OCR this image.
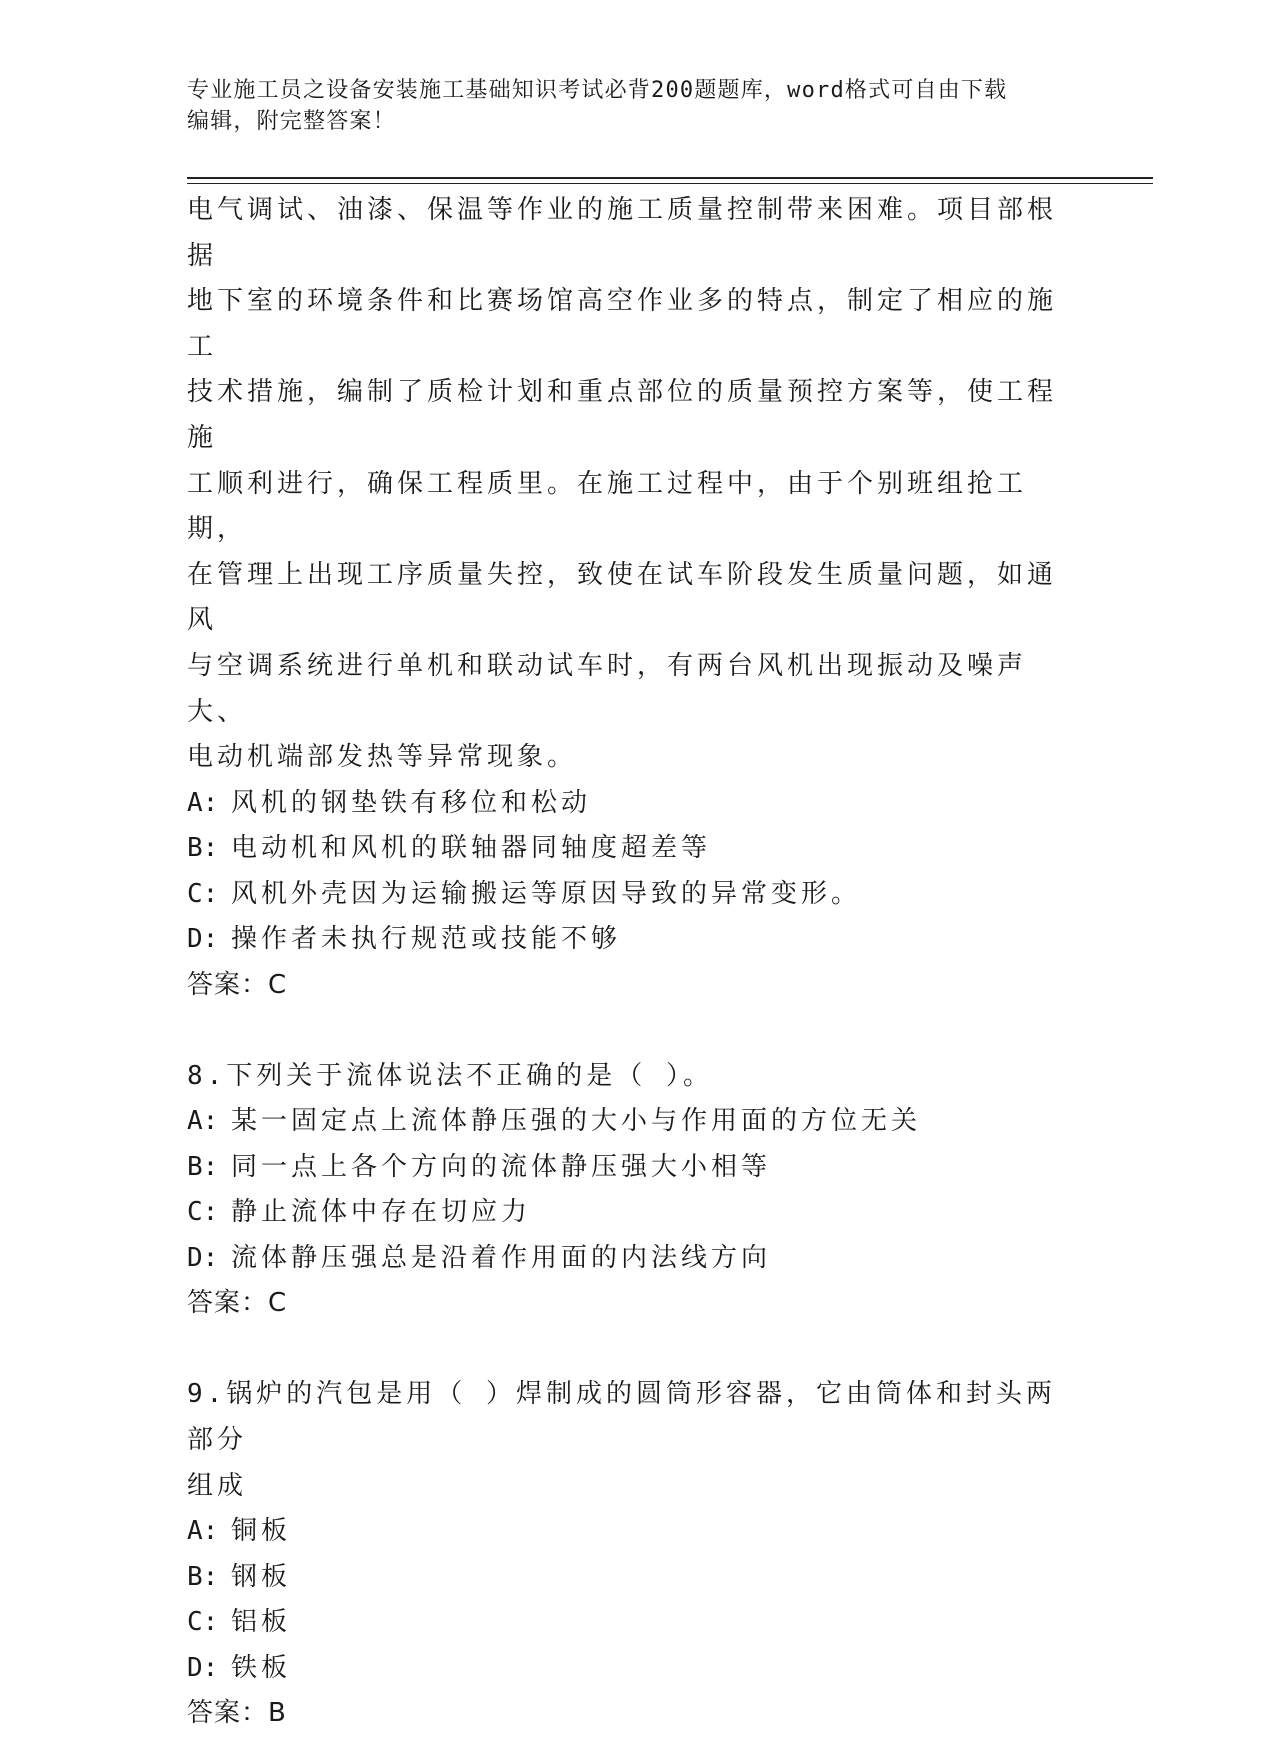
专业施工员之设备安装施工基础知识考试必背200题题库，word格式可自由下载
编辑，附完整答案！

电气调试、油漆、保温等作业的施工质量控制带来困难。项目部根据

地下室的环境条件和比赛场馆高空作业多的特点，制定了相应的施工

技术措施，编制了质检计划和重点部位的质量预控方案等，使工程施

工顺利进行，确保工程质里。在施工过程中，由于个别班组抢工期，

在管理上出现工序质量失控，致使在试车阶段发生质量问题，如通风

与空调系统进行单机和联动试车时，有两台风机出现振动及噪声大、

电动机端部发热等异常现象。

A: 风机的钢垫铁有移位和松动

B: 电动机和风机的联轴器同轴度超差等

C: 风机外壳因为运输搬运等原因导致的异常变形。

D: 操作者未执行规范或技能不够

答案：C

8.下列关于流体说法不正确的是（ ）。

A: 某一固定点上流体静压强的大小与作用面的方位无关

B: 同一点上各个方向的流体静压强大小相等

C: 静止流体中存在切应力

D: 流体静压强总是沿着作用面的内法线方向

答案：C

9.锅炉的汽包是用（ ）焊制成的圆筒形容器，它由筒体和封头两部分

组成

A: 铜板

B: 钢板

C: 铝板

D: 铁板

答案：B
